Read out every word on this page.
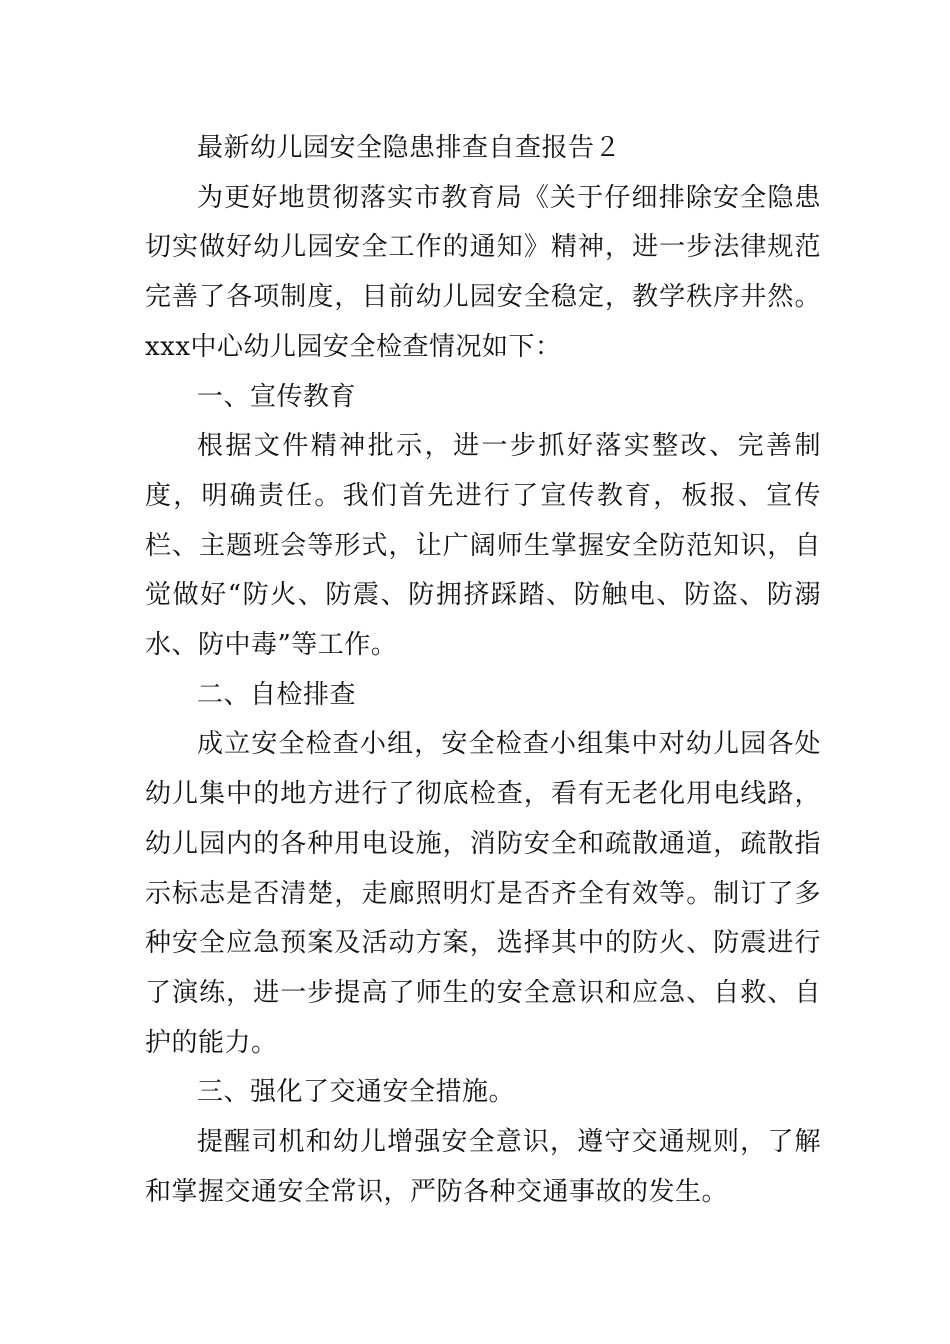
最新幼儿园安全隐患排查自查报告２

为更好地贯彻落实市教育局《关于仔细排除安全隐患切实做好幼儿园安全工作的通知》精神，进一步法律规范完善了各项制度，目前幼儿园安全稳定，教学秩序井然。xxx中心幼儿园安全检查情况如下：

一、宣传教育

根据文件精神批示，进一步抓好落实整改、完善制度，明确责任。我们首先进行了宣传教育，板报、宣传栏、主题班会等形式，让广阔师生掌握安全防范知识，自觉做好“防火、防震、防拥挤踩踏、防触电、防盗、防溺水、防中毒”等工作。

二、自检排查

成立安全检查小组，安全检查小组集中对幼儿园各处幼儿集中的地方进行了彻底检查，看有无老化用电线路，幼儿园内的各种用电设施，消防安全和疏散通道，疏散指示标志是否清楚，走廊照明灯是否齐全有效等。制订了多种安全应急预案及活动方案，选择其中的防火、防震进行了演练，进一步提高了师生的安全意识和应急、自救、自护的能力。

三、强化了交通安全措施。

提醒司机和幼儿增强安全意识，遵守交通规则，了解和掌握交通安全常识，严防各种交通事故的发生。
